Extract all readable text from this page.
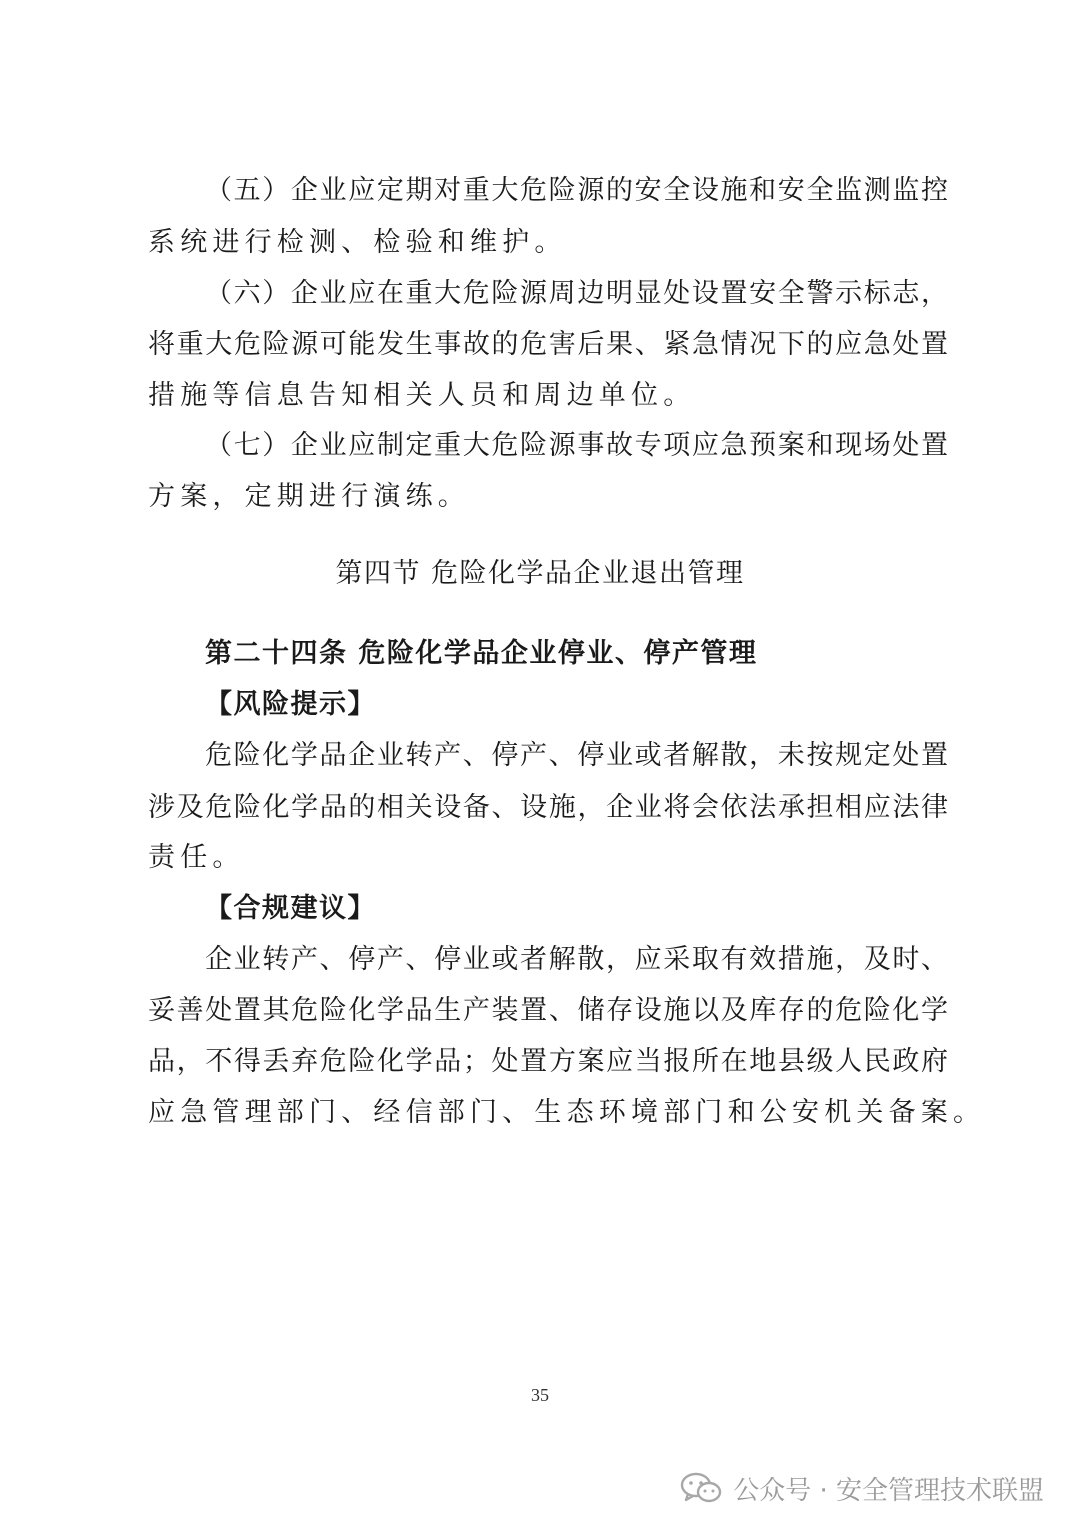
（五）企业应定期对重大危险源的安全设施和安全监测监控
系统进行检测、检验和维护。
（六）企业应在重大危险源周边明显处设置安全警示标志，
将重大危险源可能发生事故的危害后果、紧急情况下的应急处置
措施等信息告知相关人员和周边单位。
（七）企业应制定重大危险源事故专项应急预案和现场处置
方案，定期进行演练。
第四节 危险化学品企业退出管理
第二十四条 危险化学品企业停业、停产管理
【风险提示】
危险化学品企业转产、停产、停业或者解散，未按规定处置
涉及危险化学品的相关设备、设施，企业将会依法承担相应法律
责任。
【合规建议】
企业转产、停产、停业或者解散，应采取有效措施，及时、
妥善处置其危险化学品生产装置、储存设施以及库存的危险化学
品，不得丢弃危险化学品；处置方案应当报所在地县级人民政府
应急管理部门、经信部门、生态环境部门和公安机关备案。
35
公众号 · 安全管理技术联盟
